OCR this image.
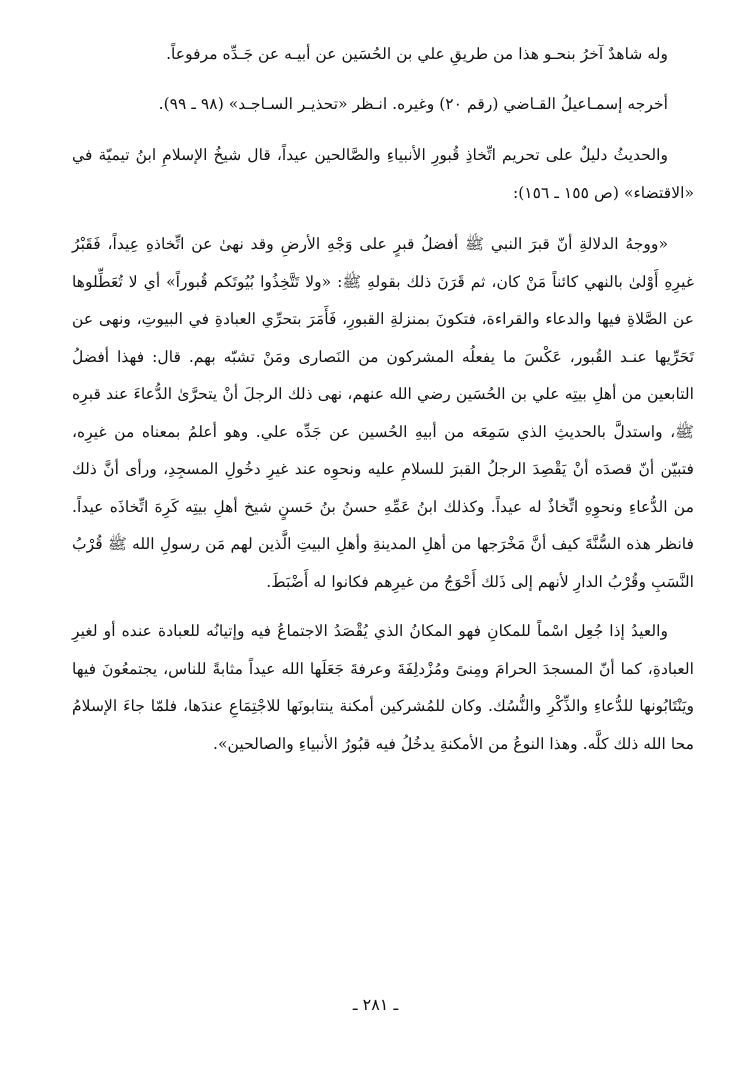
وله شاهدٌ آخرُ بنحـو هذا من طريقِ علي بن الحُسَين عن أبيـه عن جَـدِّه مرفوعاً.

أخرجه إسمـاعيلُ القـاضي (رقم ٢٠) وغيره. انـظر «تحذيـر السـاجـد» (٩٨ ـ ٩٩).

والحديثُ دليلٌ على تحريم اتِّخاذِ قُبورِ الأنبياءِ والصَّالحين عيداً، قال شيخُ الإسلامِ ابنُ تيميّة في «الاقتضاء» (ص ١٥٥ ـ ١٥٦):

«ووجهُ الدلالةِ أنّ قبرَ النبي ﷺ أفضلُ قبرٍ على وَجْهِ الأرضِ وقد نهىٰ عن اتِّخاذهِ عِيداً، فَقَبْرُ غيرِهِ أَوْلىٰ بالنهي كائناً مَنْ كان، ثم قَرَنَ ذلك بقولهِ ﷺ: «ولا تَتَّخِذُوا بُيُوتَكم قُبوراً» أي لا تُعَطِّلوها عن الصَّلاةِ فيها والدعاء والقراءة، فتكونَ بمنزلةِ القبورِ، فَأَمَرَ بتحرِّي العبادةِ في البيوتِ، ونهى عن تَحَرِّيها عنـد القُبور، عَكْسَ ما يفعلُه المشركون من النَصارى ومَنْ تشبّه بهم. قال: فهذا أفضلُ التابعين من أهلِ بيتِه علي بن الحُسَين رضي الله عنهم، نهى ذلك الرجلَ أنْ يتحرَّىٰ الدُّعاءَ عند قبرِه ﷺ، واستدلَّ بالحديثِ الذي سَمِعَه من أبيهِ الحُسين عن جَدِّه علي. وهو أعلمُ بمعناه من غيرِه، فتبيّن أنّ قصدَه أنْ يَقْصِدَ الرجلُ القبرَ للسلامِ عليه ونحوِه عند غيرِ دخُولِ المسجِدِ، ورأى أنَّ ذلك من الدُّعاءِ ونحوِهِ اتِّخاذٌ له عيداً. وكذلك ابنُ عَمِّهِ حسنُ بنُ حَسنٍ شيخ أهلِ بيتِه كَرِهَ اتِّخاذَه عيداً. فانظر هذه السُّنَّةَ كيف أنَّ مَخْرَجها من أهلِ المدينةِ وأهلِ البيتِ الَّذين لهم مَن رسولِ الله ﷺ قُرْبُ النَّسَبِ وقُرْبُ الدارِ لأنهم إلى ذَلك أَحْوَجُ من غيرِهم فكانوا له أَضْبَطَ.

والعيدُ إذا جُعِل اسْماً للمكانِ فهو المكانُ الذي يُقْصَدُ الاجتماعُ فيه وإتيانُه للعبادة عنده أو لغيرِ العبادةِ، كما أنّ المسجدَ الحرامَ ومِنىً ومُزْدلِفَةَ وعرفةَ جَعَلَها الله عيداً مثابةً للناس، يجتمعُونَ فيها ويَنْتَابُونها للدُّعاءِ والذِّكْرِ والنُّسُك. وكان للمُشركين أمكنة ينتابونَها للاجْتِمَاعِ عندَها، فلمّا جاءَ الإسلامُ محا الله ذلك كلَّه. وهذا النوعُ من الأمكنةِ يدخُلُ فيه قبُورُ الأنبياءِ والصالحين».

ـ ٢٨١ ـ
